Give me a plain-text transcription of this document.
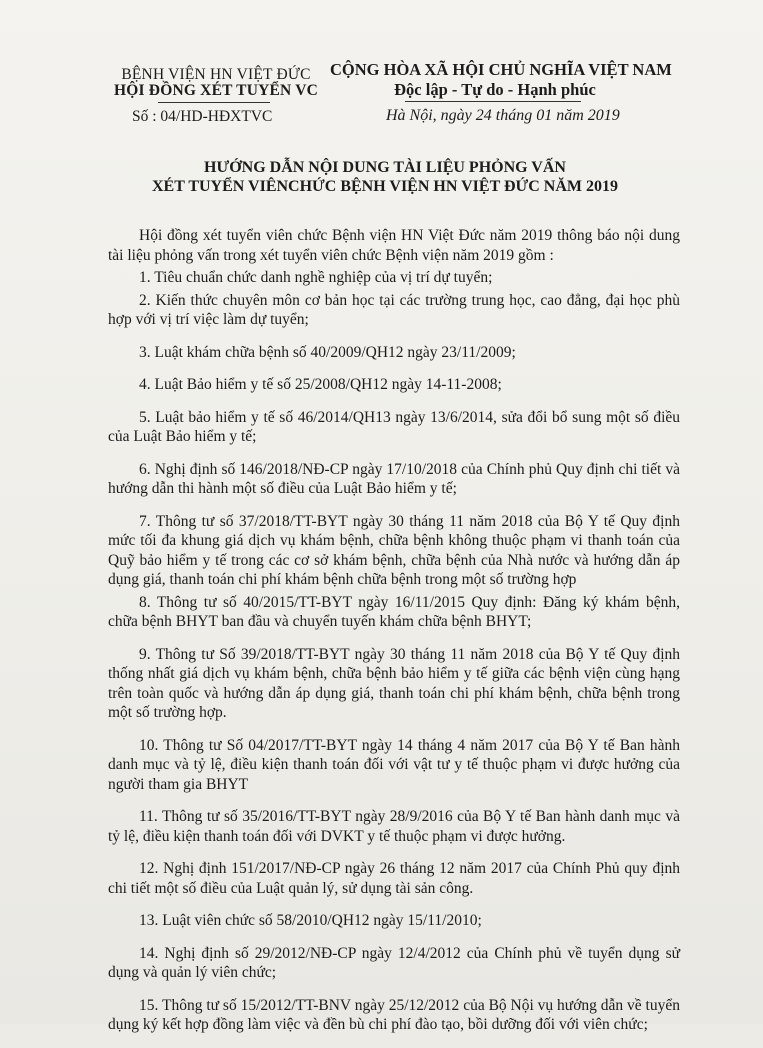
BỆNH VIỆN HN VIỆT ĐỨC
HỘI ĐỒNG XÉT TUYỂN VC
Số : 04/HD-HĐXTVC
CỘNG HÒA XÃ HỘI CHỦ NGHĨA VIỆT NAM
Độc lập - Tự do - Hạnh phúc
Hà Nội, ngày 24 tháng 01 năm 2019
HƯỚNG DẪN NỘI DUNG TÀI LIỆU PHỎNG VẤN
XÉT TUYỂN VIÊNCHỨC BỆNH VIỆN HN VIỆT ĐỨC NĂM 2019

Hội đồng xét tuyển viên chức Bệnh viện HN Việt Đức năm 2019 thông báo nội dung tài liệu phỏng vấn trong xét tuyển viên chức Bệnh viện năm 2019 gồm :

1. Tiêu chuẩn chức danh nghề nghiệp của vị trí dự tuyển;

2. Kiến thức chuyên môn cơ bản học tại các trường trung học, cao đẳng, đại học phù hợp với vị trí việc làm dự tuyển;

3. Luật khám chữa bệnh số 40/2009/QH12 ngày 23/11/2009;

4. Luật Bảo hiểm y tế số 25/2008/QH12 ngày 14-11-2008;

5. Luật bảo hiểm y tế số 46/2014/QH13 ngày 13/6/2014, sửa đổi bổ sung một số điều của Luật Bảo hiểm y tế;

6. Nghị định số 146/2018/NĐ-CP ngày 17/10/2018 của Chính phủ Quy định chi tiết và hướng dẫn thi hành một số điều của Luật Bảo hiểm y tế;

7. Thông tư số 37/2018/TT-BYT ngày 30 tháng 11 năm 2018 của Bộ Y tế Quy định mức tối đa khung giá dịch vụ khám bệnh, chữa bệnh không thuộc phạm vi thanh toán của Quỹ bảo hiểm y tế trong các cơ sở khám bệnh, chữa bệnh của Nhà nước và hướng dẫn áp dụng giá, thanh toán chi phí khám bệnh chữa bệnh trong một số trường hợp

8. Thông tư số 40/2015/TT-BYT ngày 16/11/2015 Quy định: Đăng ký khám bệnh, chữa bệnh BHYT ban đầu và chuyển tuyến khám chữa bệnh BHYT;

9. Thông tư Số 39/2018/TT-BYT ngày 30 tháng 11 năm 2018 của Bộ Y tế Quy định thống nhất giá dịch vụ khám bệnh, chữa bệnh bảo hiểm y tế giữa các bệnh viện cùng hạng trên toàn quốc và hướng dẫn áp dụng giá, thanh toán chi phí khám bệnh, chữa bệnh trong một số trường hợp.

10. Thông tư Số 04/2017/TT-BYT ngày 14 tháng 4 năm 2017 của Bộ Y tế Ban hành danh mục và tỷ lệ, điều kiện thanh toán đối với vật tư y tế thuộc phạm vi được hưởng của người tham gia BHYT

11. Thông tư số 35/2016/TT-BYT ngày 28/9/2016 của Bộ Y tế Ban hành danh mục và tỷ lệ, điều kiện thanh toán đối với DVKT y tế thuộc phạm vi được hưởng.

12. Nghị định 151/2017/NĐ-CP ngày 26 tháng 12 năm 2017 của Chính Phủ quy định chi tiết một số điều của Luật quản lý, sử dụng tài sản công.

13. Luật viên chức số 58/2010/QH12 ngày 15/11/2010;

14. Nghị định số 29/2012/NĐ-CP ngày 12/4/2012 của Chính phủ về tuyển dụng sử dụng và quản lý viên chức;

15. Thông tư số 15/2012/TT-BNV ngày 25/12/2012 của Bộ Nội vụ hướng dẫn về tuyển dụng ký kết hợp đồng làm việc và đền bù chi phí đào tạo, bồi dưỡng đối với viên chức;
